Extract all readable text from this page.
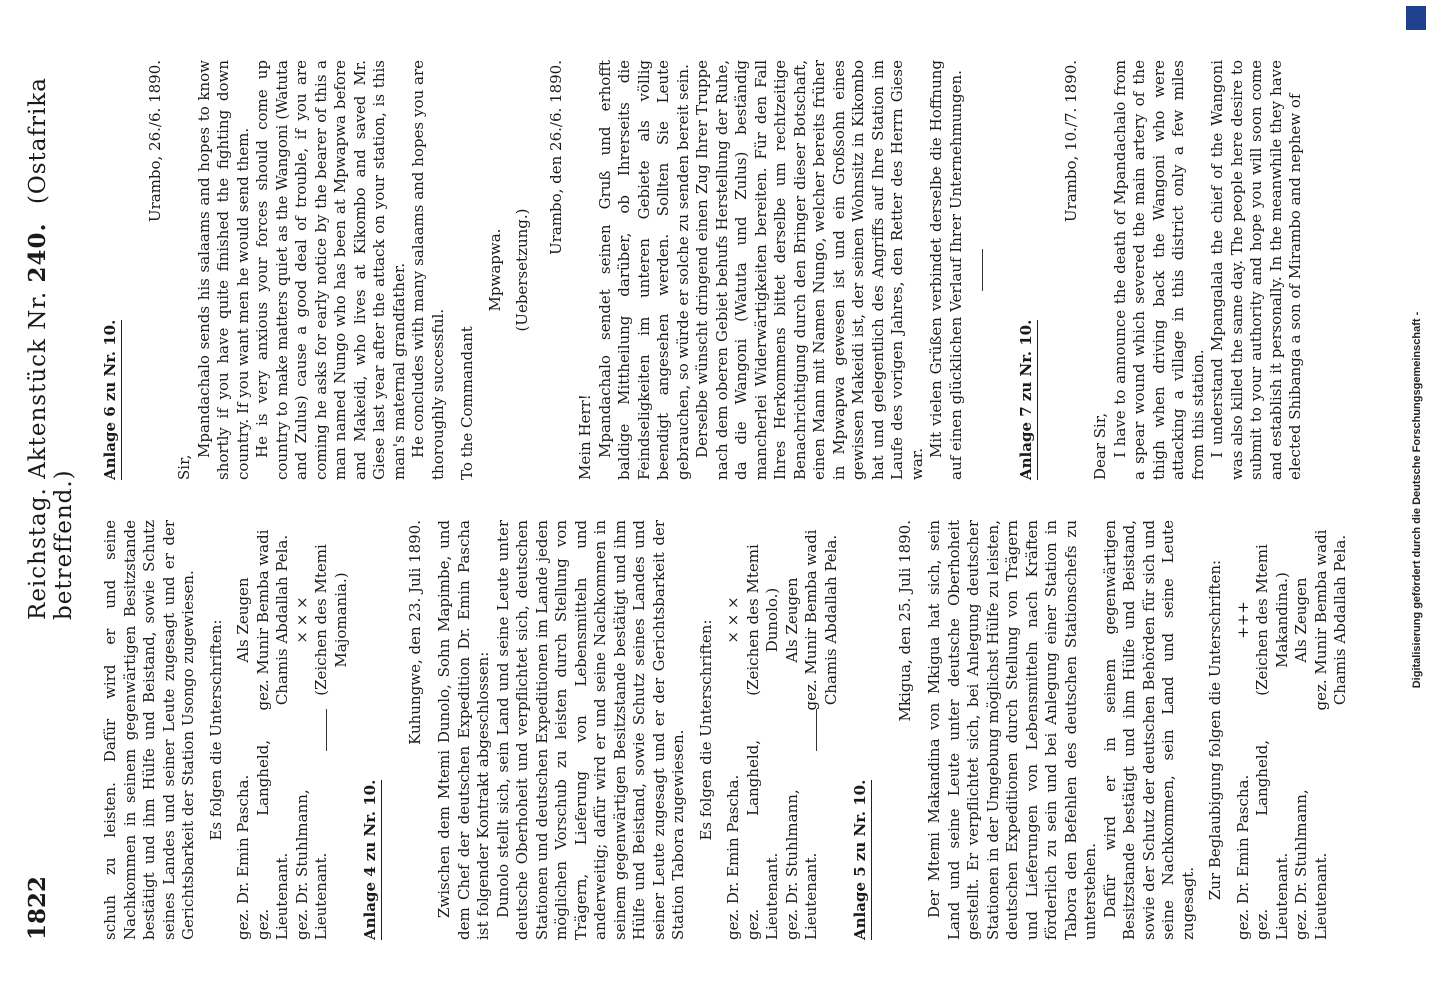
1822
Reichstag. Aktenstück Nr. 240. (Ostafrika betreffend.) schuh zu leisten. Dafür wird er und seine Nachkommen in seinem gegenwärtigen Besitzstande bestätigt und ihm Hülfe und Beistand, sowie Schutz seines Landes und seiner Leute zugesagt und er der Gerichtsbarkeit der Station Usongo zugewiesen. Es folgen die Unterschriften:
gez. Dr. Emin Pascha. gez. Langheld, Lieutenant. gez. Dr. Stuhlmann, Lieutenant.
Als Zeugen gez. Munir Bemba wadi Chamis Abdallah Pela. × × × (Zeichen des Mtemi Majomania.)
Anlage 4 zu Nr. 10.
Kuhungwe, den 23. Juli 1890. Zwischen dem Mtemi Dunolo, Sohn Mapimbe, und dem Chef der deutschen Expedition Dr. Emin Pascha ist folgender Kontrakt abgeschlossen: Dunolo stellt sich, sein Land und seine Leute unter deutsche Oberhoheit und verpflichtet sich, deutschen Stationen und deutschen Expeditionen im Lande jeden möglichen Vorschub zu leisten durch Stellung von Trägern, Lieferung von Lebensmitteln und anderweitig; dafür wird er und seine Nachkommen in seinem gegenwärtigen Besitzstande bestätigt und ihm Hülfe und Beistand, sowie Schutz seines Landes und seiner Leute zugesagt und er der Gerichtsbarkeit der Station Tabora zugewiesen. Es folgen die Unterschriften:
gez. Dr. Emin Pascha. gez. Langheld, Lieutenant. gez. Dr. Stuhlmann, Lieutenant.
× × × (Zeichen des Mtemi Dunolo.) Als Zeugen gez. Munir Bemba wadi Chamis Abdallah Pela.
Anlage 5 zu Nr. 10.
Mkigua, den 25. Juli 1890. Der Mtemi Makandina von Mkigua hat sich, sein Land und seine Leute unter deutsche Oberhoheit gestellt. Er verpflichtet sich, bei Anlegung deutscher Stationen in der Umgebung möglichst Hülfe zu leisten, deutschen Expeditionen durch Stellung von Trägern und Lieferungen von Lebensmitteln nach Kräften förderlich zu sein und bei Anlegung einer Station in Tabora den Befehlen des deutschen Stationschefs zu unterstehen. Dafür wird er in seinem gegenwärtigen Besitzstande bestätigt und ihm Hülfe und Beistand, sowie der Schutz der deutschen Behörden für sich und seine Nachkommen, sein Land und seine Leute zugesagt.

Zur Beglaubigung folgen die Unterschriften: gez. Dr. Emin Pascha. gez. Langheld, Lieutenant. gez. Dr. Stuhlmann, Lieutenant.
+++ (Zeichen des Mtemi Makandina.) Als Zeugen gez. Munir Bemba wadi Chamis Abdallah Pela.
Anlage 6 zu Nr. 10.
Urambo, 26./6. 1890.

Sir,

Mpandachalo sends his salaams and hopes to know shortly if you have quite finished the fighting down country. If you want men he would send them. He is very anxious your forces should come up country to make matters quiet as the Wangoni (Watuta and Zulus) cause a good deal of trouble, if you are coming he asks for early notice by the bearer of this a man named Nungo who has been at Mpwapwa before and Makeidi, who lives at Kikombo and saved Mr. Giese last year after the attack on your station, is this man's maternal grandfather. He concludes with many salaams and hopes you are thoroughly successful. To the Commandant

Mpwapwa. (Uebersetzung.)
Urambo, den 26./6. 1890.

Mein Herr! Mpandachalo sendet seinen Gruß und erhofft baldige Mittheilung darüber, ob Ihrerseits die Feindseligkeiten im unteren Gebiete als völlig beendigt angesehen werden. Sollten Sie Leute gebrauchen, so würde er solche zu senden bereit sein. Derselbe wünscht dringend einen Zug Ihrer Truppe nach dem oberen Gebiet behufs Herstellung der Ruhe, da die Wangoni (Watuta und Zulus) beständig mancherlei Widerwärtigkeiten bereiten. Für den Fall Ihres Herkommens bittet derselbe um rechtzeitige Benachrichtigung durch den Bringer dieser Botschaft, einen Mann mit Namen Nungo, welcher bereits früher in Mpwapwa gewesen ist und ein Großsohn eines gewissen Makeidi ist, der seinen Wohnsitz in Kikombo hat und gelegentlich des Angriffs auf Ihre Station im Laufe des vorigen Jahres, den Retter des Herrn Giese war.

Mit vielen Grüßen verbindet derselbe die Hoffnung auf einen glücklichen Verlauf Ihrer Unternehmungen.	Anlage 7 zu Nr. 10.
Urambo, 10./7. 1890.

Dear Sir, I have to announce the death of Mpandachalo from a spear wound which severed the main artery of the thigh when driving back the Wangoni who were attacking a village in this district only a few miles from this station. I understand Mpangalala the chief of the Wangoni was also killed the same day. The people here desire to submit to your authority and hope you will soon come and establish it personally. In the meanwhile they have elected Shibanga a son of Mirambo and nephew of

Digitalisierung gefördert durch die Deutsche Forschungsgemeinschaft -
